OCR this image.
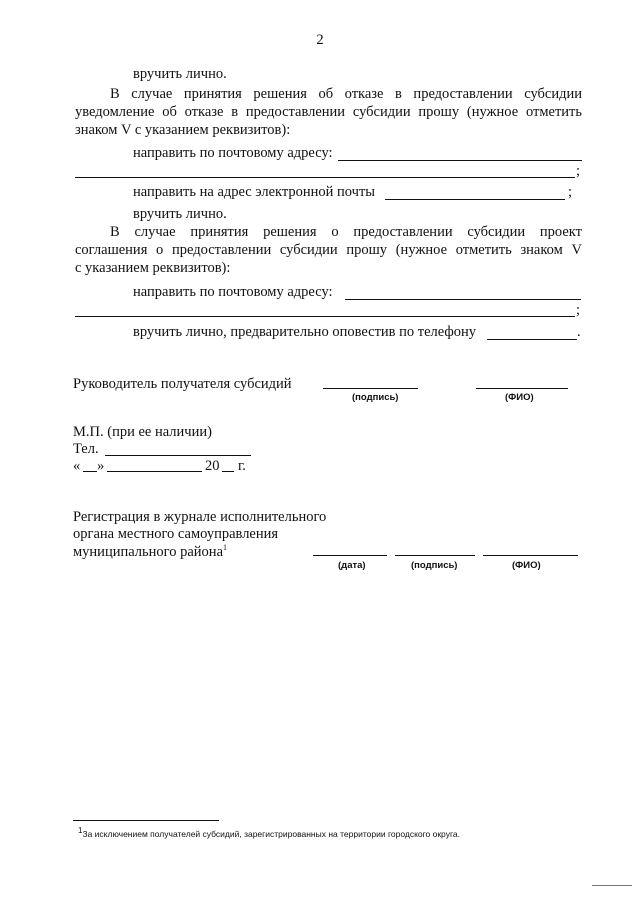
2
вручить лично.
В случае принятия решения об отказе в предоставлении субсидии
уведомление об отказе в предоставлении субсидии прошу (нужное отметить
знаком V с указанием реквизитов):
направить по почтовому адресу:
;
направить на адрес электронной почты	;
вручить лично.
В случае принятия решения о предоставлении субсидии проект
соглашения о предоставлении субсидии прошу (нужное отметить знаком V
с указанием реквизитов):
направить по почтовому адресу:
;
вручить лично, предварительно оповестив по телефону	.
Руководитель получателя субсидий
(подпись)	(ФИО)
М.П. (при ее наличии)
Тел.
« »	20 г.
Регистрация в журнале исполнительного
органа местного самоуправления
муниципального района$^1$
(дата)	(подпись)	(ФИО)
$^1$За исключением получателей субсидий, зарегистрированных на территории городского округа.
